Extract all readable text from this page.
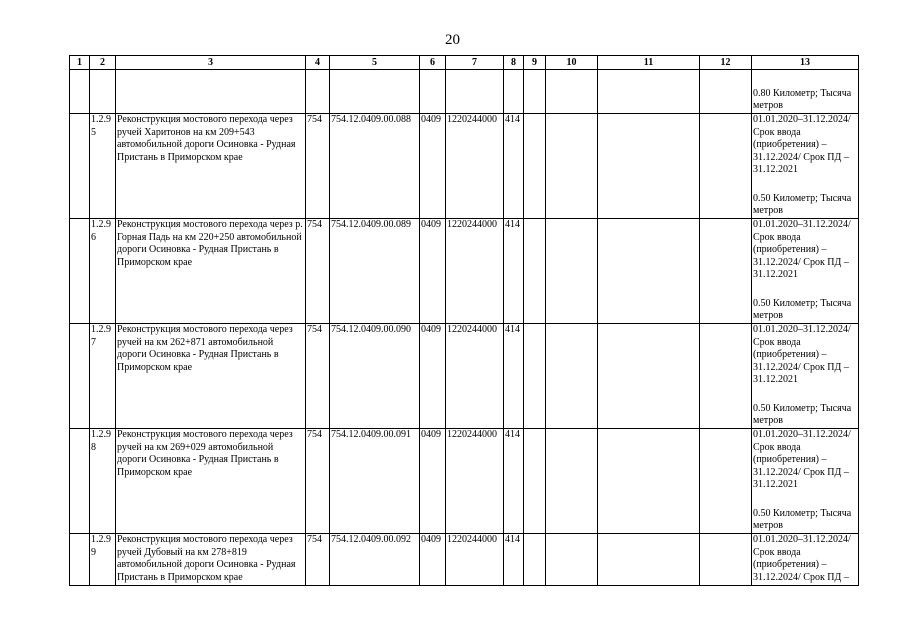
20
1	2	3	4	5	6	7	8	9	10	11	12	13

												0.80 Километр; Тысяча метров

	1.2.95	Реконструкция мостового перехода через ручей Харитонов на км 209+543 автомобильной дороги Осиновка - Рудная Пристань в Приморском крае	754	754.12.0409.00.088	0409	1220244000	414					01.01.2020–31.12.2024/ Срок ввода (приобретения) – 31.12.2024/ Срок ПД – 31.12.2021
0.50 Километр; Тысяча метров

	1.2.96	Реконструкция мостового перехода через р. Горная Падь на км 220+250 автомобильной дороги Осиновка - Рудная Пристань в Приморском крае	754	754.12.0409.00.089	0409	1220244000	414					01.01.2020–31.12.2024/ Срок ввода (приобретения) – 31.12.2024/ Срок ПД – 31.12.2021
0.50 Километр; Тысяча метров

	1.2.97	Реконструкция мостового перехода через ручей на км 262+871 автомобильной дороги Осиновка - Рудная Пристань в Приморском крае	754	754.12.0409.00.090	0409	1220244000	414					01.01.2020–31.12.2024/ Срок ввода (приобретения) – 31.12.2024/ Срок ПД – 31.12.2021
0.50 Километр; Тысяча метров

	1.2.98	Реконструкция мостового перехода через ручей на км 269+029 автомобильной дороги Осиновка - Рудная Пристань в Приморском крае	754	754.12.0409.00.091	0409	1220244000	414					01.01.2020–31.12.2024/ Срок ввода (приобретения) – 31.12.2024/ Срок ПД – 31.12.2021
0.50 Километр; Тысяча метров

	1.2.99	Реконструкция мостового перехода через ручей Дубовый на км 278+819 автомобильной дороги Осиновка - Рудная Пристань в Приморском крае	754	754.12.0409.00.092	0409	1220244000	414					01.01.2020–31.12.2024/ Срок ввода (приобретения) – 31.12.2024/ Срок ПД –
